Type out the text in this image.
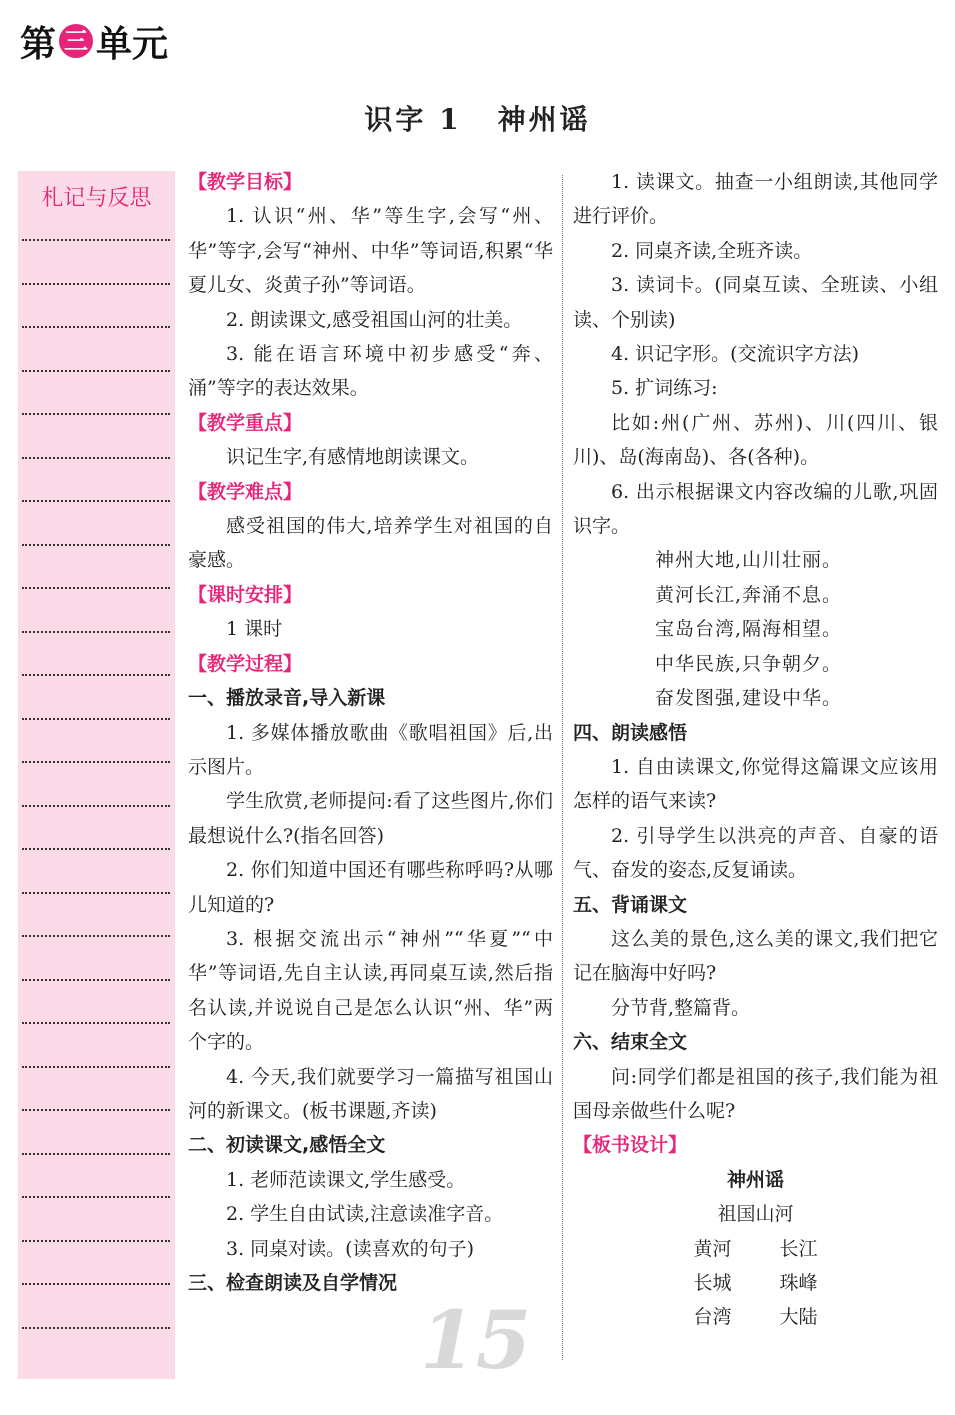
第 三 单元
识字 1 神州谣
札记与反思
【教学目标】
1. 认识“州、华”等生字,会写“州、华”等字,会写“神州、中华”等词语,积累“华夏儿女、炎黄子孙”等词语。
2. 朗读课文,感受祖国山河的壮美。
3. 能在语言环境中初步感受“奔、涌”等字的表达效果。
【教学重点】
识记生字,有感情地朗读课文。
【教学难点】
感受祖国的伟大,培养学生对祖国的自豪感。
【课时安排】
1 课时
【教学过程】
一、播放录音,导入新课
1. 多媒体播放歌曲《歌唱祖国》后,出示图片。
学生欣赏,老师提问:看了这些图片,你们最想说什么?(指名回答)
2. 你们知道中国还有哪些称呼吗?从哪儿知道的?
3. 根据交流出示“神州”“华夏”“中华”等词语,先自主认读,再同桌互读,然后指名认读,并说说自己是怎么认识“州、华”两个字的。
4. 今天,我们就要学习一篇描写祖国山河的新课文。(板书课题,齐读)
二、初读课文,感悟全文
1. 老师范读课文,学生感受。
2. 学生自由试读,注意读准字音。
3. 同桌对读。(读喜欢的句子)
三、检查朗读及自学情况
1. 读课文。抽查一小组朗读,其他同学进行评价。
2. 同桌齐读,全班齐读。
3. 读词卡。(同桌互读、全班读、小组读、个别读)
4. 识记字形。(交流识字方法)
5. 扩词练习:
比如:州(广州、苏州)、川(四川、银川)、岛(海南岛)、各(各种)。
6. 出示根据课文内容改编的儿歌,巩固识字。
神州大地,山川壮丽。
黄河长江,奔涌不息。
宝岛台湾,隔海相望。
中华民族,只争朝夕。
奋发图强,建设中华。
四、朗读感悟
1. 自由读课文,你觉得这篇课文应该用怎样的语气来读?
2. 引导学生以洪亮的声音、自豪的语气、奋发的姿态,反复诵读。
五、背诵课文
这么美的景色,这么美的课文,我们把它记在脑海中好吗?
分节背,整篇背。
六、结束全文
问:同学们都是祖国的孩子,我们能为祖国母亲做些什么呢?
【板书设计】
神州谣
祖国山河
黄河	长江
长城	珠峰
台湾	大陆
15
